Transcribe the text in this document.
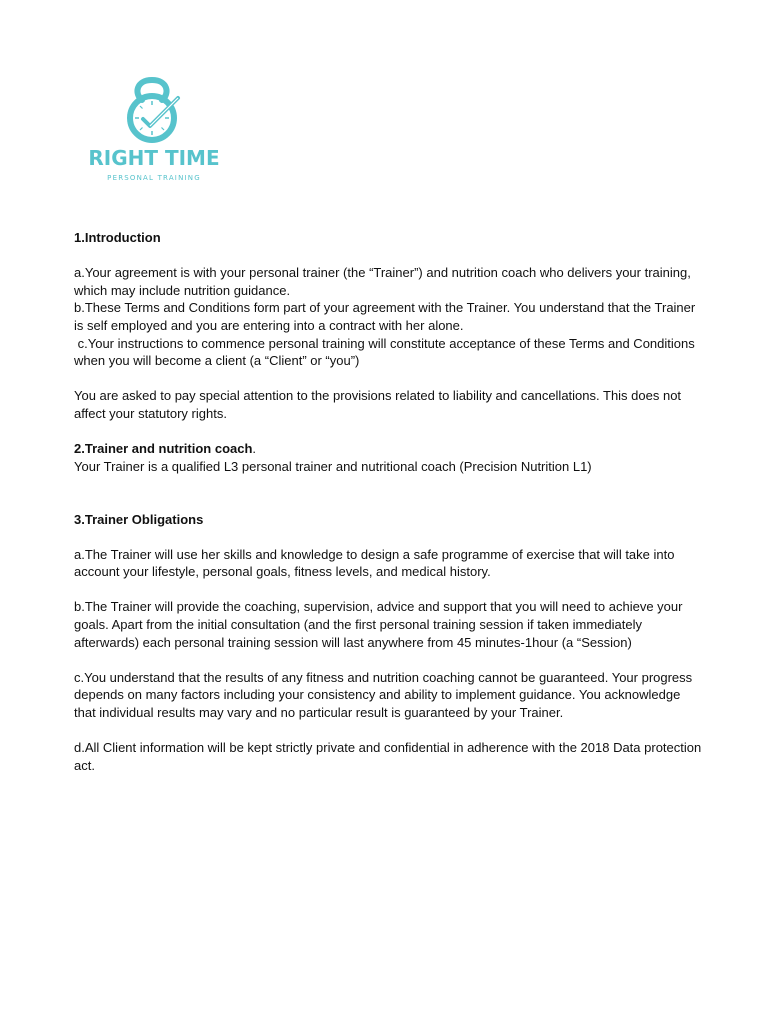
RIGHT TIME
PERSONAL TRAINING

1.Introduction

a.Your agreement is with your personal trainer (the “Trainer”) and nutrition coach who delivers your training, which may include nutrition guidance.

b.These Terms and Conditions form part of your agreement with the Trainer. You understand that the Trainer is self employed and you are entering into a contract with her alone.

c.Your instructions to commence personal training will constitute acceptance of these Terms and Conditions when you will become a client (a “Client” or “you”)

You are asked to pay special attention to the provisions related to liability and cancellations. This does not affect your statutory rights.

2.Trainer and nutrition coach.

Your Trainer is a qualified L3 personal trainer and nutritional coach (Precision Nutrition L1)

3.Trainer Obligations

a.The Trainer will use her skills and knowledge to design a safe programme of exercise that will take into account your lifestyle, personal goals, fitness levels, and medical history.

b.The Trainer will provide the coaching, supervision, advice and support that you will need to achieve your goals. Apart from the initial consultation (and the first personal training session if taken immediately afterwards) each personal training session will last anywhere from 45 minutes-1hour (a “Session)

c.You understand that the results of any fitness and nutrition coaching cannot be guaranteed. Your progress depends on many factors including your consistency and ability to implement guidance. You acknowledge that individual results may vary and no particular result is guaranteed by your Trainer.

d.All Client information will be kept strictly private and confidential in adherence with the 2018 Data protection act.
